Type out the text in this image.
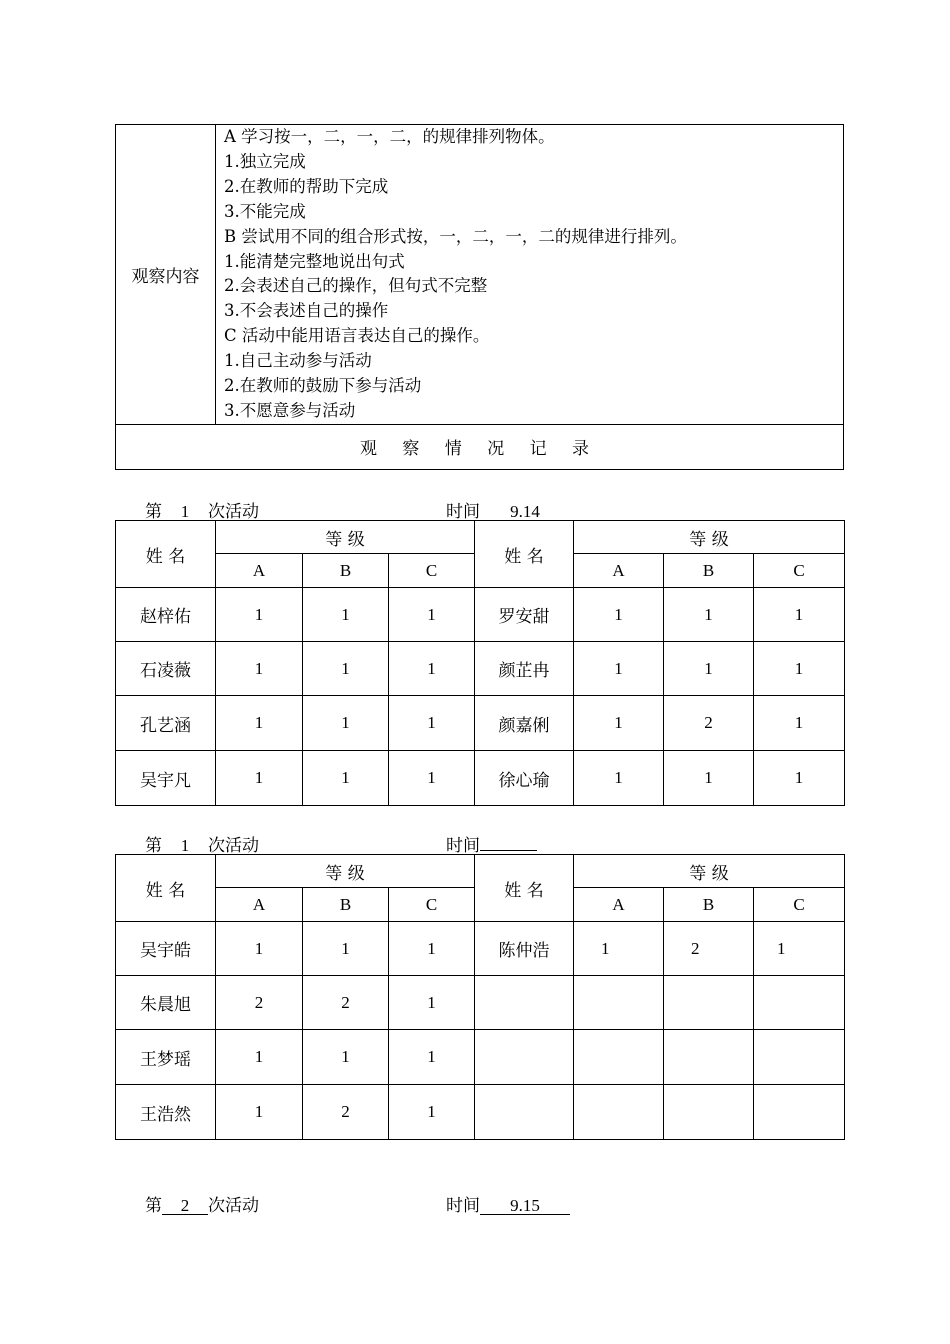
观察内容	
A 学习按一，二，一，二，的规律排列物体。
1.独立完成
2.在教师的帮助下完成
3.不能完成
B 尝试用不同的组合形式按，一，二，一，二的规律进行排列。
1.能清楚完整地说出句式
2.会表述自己的操作，但句式不完整
3.不会表述自己的操作
C 活动中能用语言表达自己的操作。
1.自己主动参与活动
2.在教师的鼓励下参与活动
3.不愿意参与活动

观 察 情 况 记 录
第 1 次活动	时间 9.14
姓 名	等 级			姓 名	等 级		
	A	B	C		A	B	C
赵梓佑	1	1	1	罗安甜	1	1	1
石凌薇	1	1	1	颜芷冉	1	1	1
孔艺涵	1	1	1	颜嘉俐	1	2	1
吴宇凡	1	1	1	徐心瑜	1	1	1
第 1 次活动	时间
姓 名	等 级			姓 名	等 级		
	A	B	C		A	B	C
吴宇皓	1	1	1	陈仲浩	1	2	1
朱晨旭	2	2	1				
王梦瑶	1	1	1				
王浩然	1	2	1				
第 2 次活动	时间 9.15
